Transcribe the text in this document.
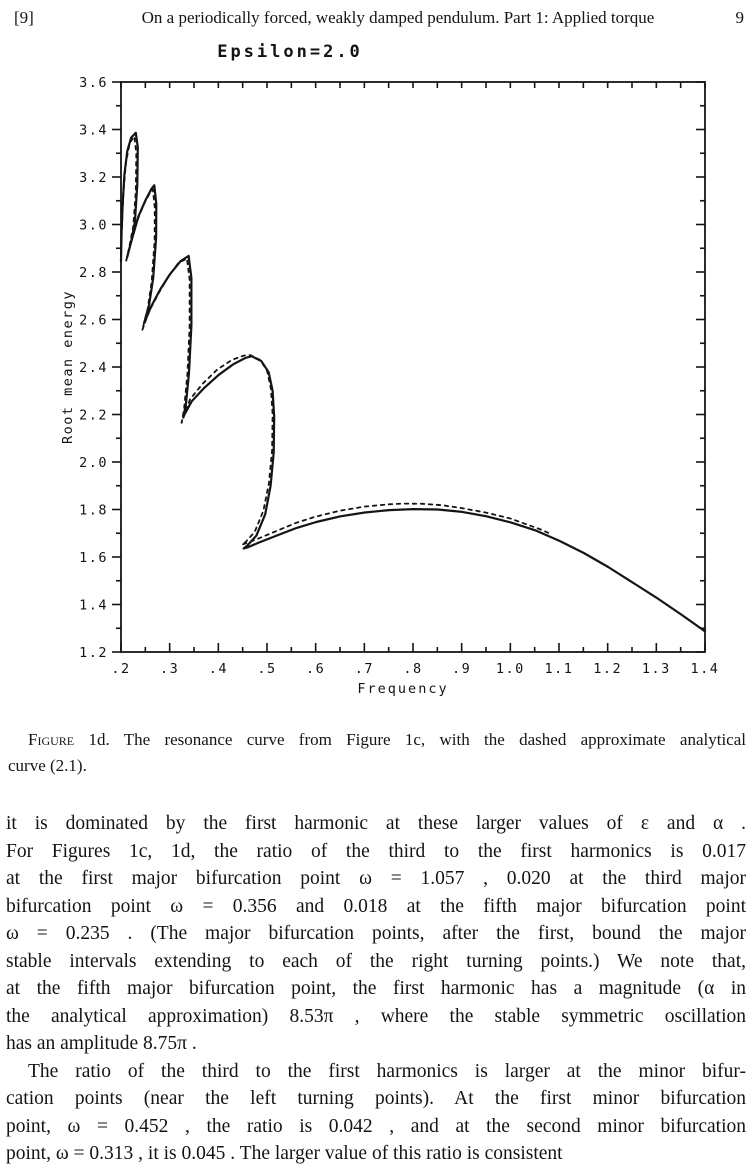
[9]	On a periodically forced, weakly damped pendulum. Part 1: Applied torque	9
Epsilon=2.0
3.6
3.4
3.2
3.0
2.8
2.6
2.4
2.2
2.0
1.8
1.6
1.4
1.2
.2 .3 .4 .5 .6 .7 .8 .9 1.0 1.1 1.2 1.3 1.4
Frequency
Root mean energy
Figure 1d. The resonance curve from Figure 1c, with the dashed approximate analytical
curve (2.1).
it is dominated by the first harmonic at these larger values of ε and α .
For Figures 1c, 1d, the ratio of the third to the first harmonics is 0.017
at the first major bifurcation point ω = 1.057 , 0.020 at the third major
bifurcation point ω = 0.356 and 0.018 at the fifth major bifurcation point
ω = 0.235 . (The major bifurcation points, after the first, bound the major
stable intervals extending to each of the right turning points.) We note that,
at the fifth major bifurcation point, the first harmonic has a magnitude (α in
the analytical approximation) 8.53π , where the stable symmetric oscillation
has an amplitude 8.75π .
The ratio of the third to the first harmonics is larger at the minor bifur-
cation points (near the left turning points). At the first minor bifurcation
point, ω = 0.452 , the ratio is 0.042 , and at the second minor bifurcation
point, ω = 0.313 , it is 0.045 . The larger value of this ratio is consistent
